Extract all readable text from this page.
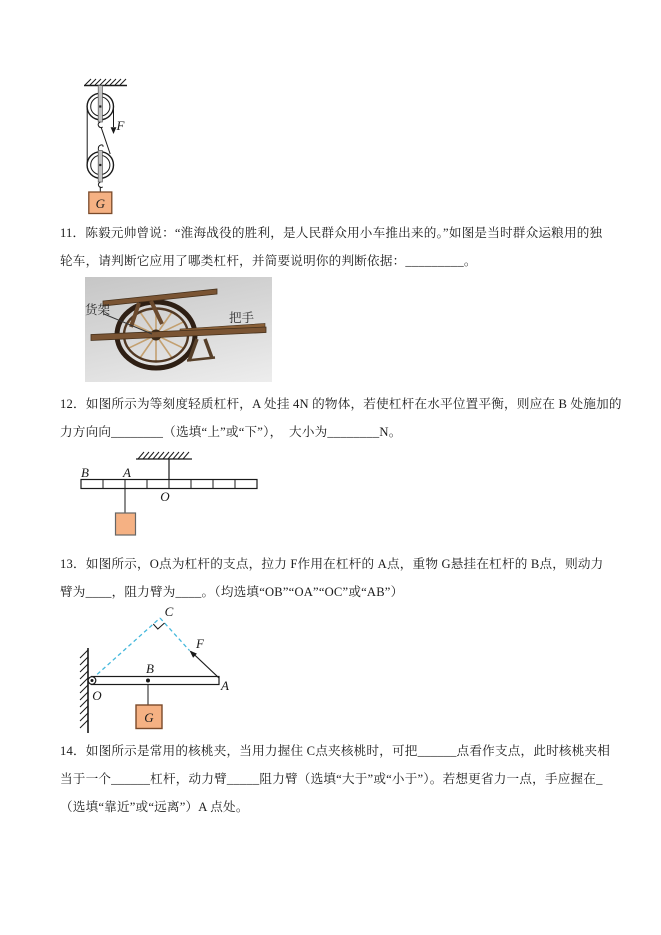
G
F
11．陈毅元帅曾说：“淮海战役的胜利，是人民群众用小车推出来的。”如图是当时群众运粮用的独
轮车，请判断它应用了哪类杠杆，并简要说明你的判断依据：_________。
货架
把手
12．如图所示为等刻度轻质杠杆，A 处挂 4N 的物体，若使杠杆在水平位置平衡，则应在 B 处施加的
力方向向________（选填“上”或“下”），  大小为________N。
B	A
O
13．如图所示，O点为杠杆的支点，拉力 F作用在杠杆的 A点，重物 G悬挂在杠杆的 B点，则动力
臂为____，阻力臂为____。（均选填“OB”“OA”“OC”或“AB”）
G
O
B
A
C
F
14．如图所示是常用的核桃夹，当用力握住 C点夹核桃时，可把______点看作支点，此时核桃夹相
当于一个______杠杆，动力臂_____阻力臂（选填“大于”或“小于”）。若想更省力一点，手应握在_
（选填“靠近”或“远离”）A 点处。
